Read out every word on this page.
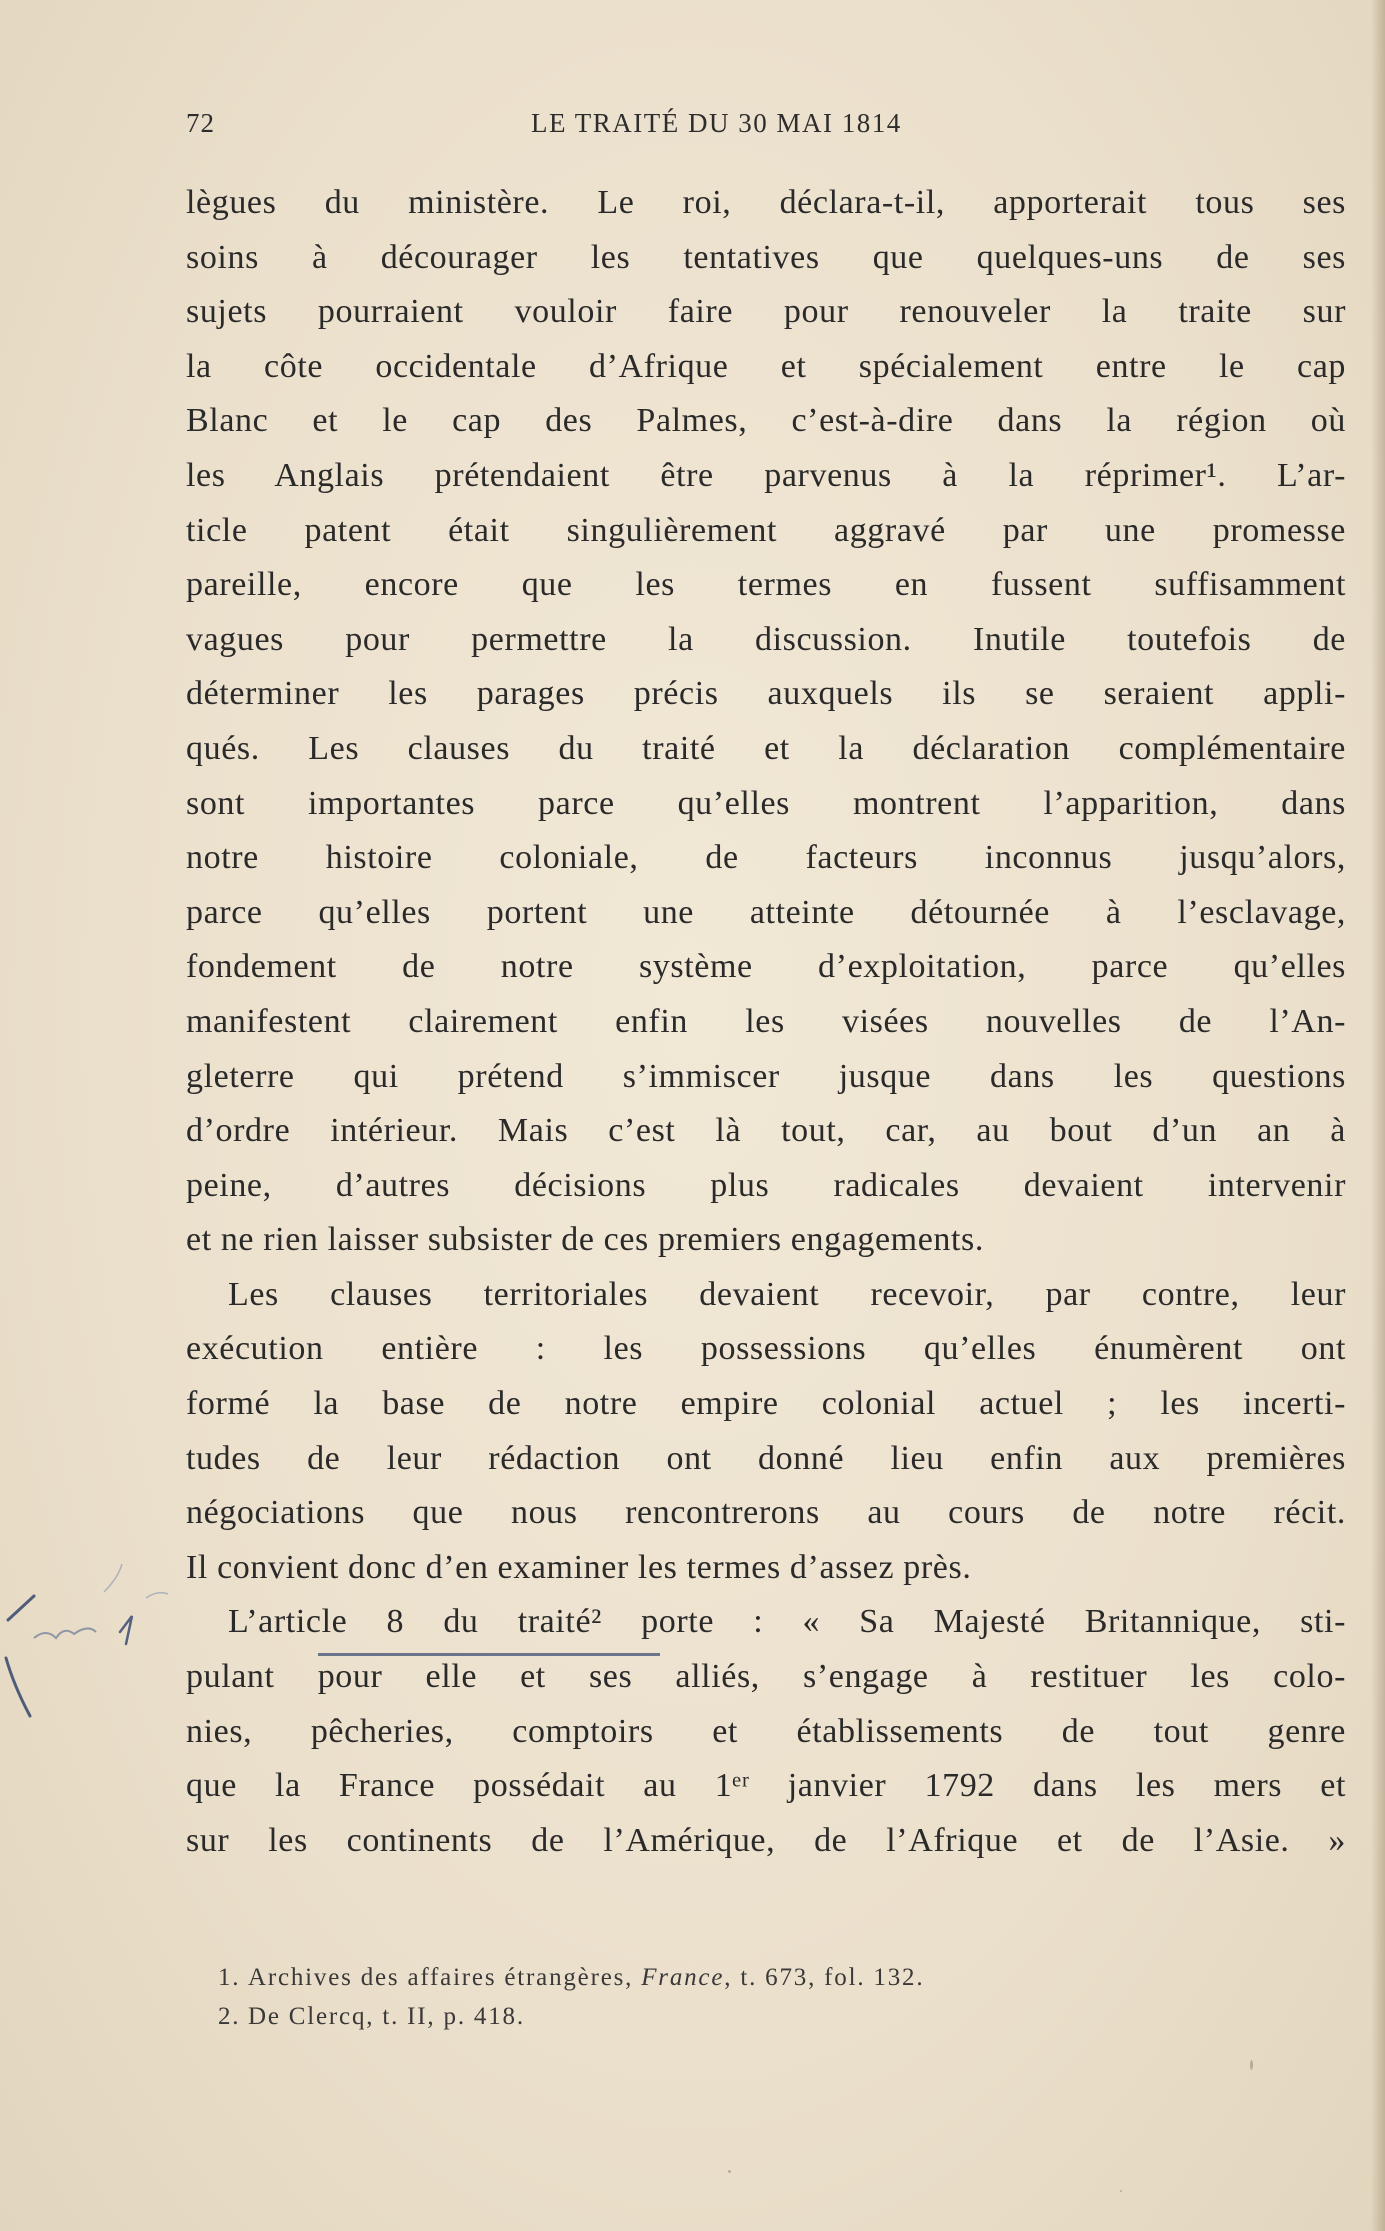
72	LE TRAITÉ DU 30 MAI 1814
lègues du ministère. Le roi, déclara-t-il, apporterait tous ses
soins à décourager les tentatives que quelques-uns de ses
sujets pourraient vouloir faire pour renouveler la traite sur
la côte occidentale d’Afrique et spécialement entre le cap
Blanc et le cap des Palmes, c’est-à-dire dans la région où
les Anglais prétendaient être parvenus à la réprimer¹. L’ar-
ticle patent était singulièrement aggravé par une promesse
pareille, encore que les termes en fussent suffisamment
vagues pour permettre la discussion. Inutile toutefois de
déterminer les parages précis auxquels ils se seraient appli-
qués. Les clauses du traité et la déclaration complémentaire
sont importantes parce qu’elles montrent l’apparition, dans
notre histoire coloniale, de facteurs inconnus jusqu’alors,
parce qu’elles portent une atteinte détournée à l’esclavage,
fondement de notre système d’exploitation, parce qu’elles
manifestent clairement enfin les visées nouvelles de l’An-
gleterre qui prétend s’immiscer jusque dans les questions
d’ordre intérieur. Mais c’est là tout, car, au bout d’un an à
peine, d’autres décisions plus radicales devaient intervenir
et ne rien laisser subsister de ces premiers engagements.
Les clauses territoriales devaient recevoir, par contre, leur
exécution entière : les possessions qu’elles énumèrent ont
formé la base de notre empire colonial actuel ; les incerti-
tudes de leur rédaction ont donné lieu enfin aux premières
négociations que nous rencontrerons au cours de notre récit.
Il convient donc d’en examiner les termes d’assez près.
L’article 8 du traité² porte : « Sa Majesté Britannique, sti-
pulant pour elle et ses alliés, s’engage à restituer les colo-
nies, pêcheries, comptoirs et établissements de tout genre
que la France possédait au 1ᵉʳ janvier 1792 dans les mers et
sur les continents de l’Amérique, de l’Afrique et de l’Asie. »
1. Archives des affaires étrangères, France, t. 673, fol. 132.
2. De Clercq, t. II, p. 418.
